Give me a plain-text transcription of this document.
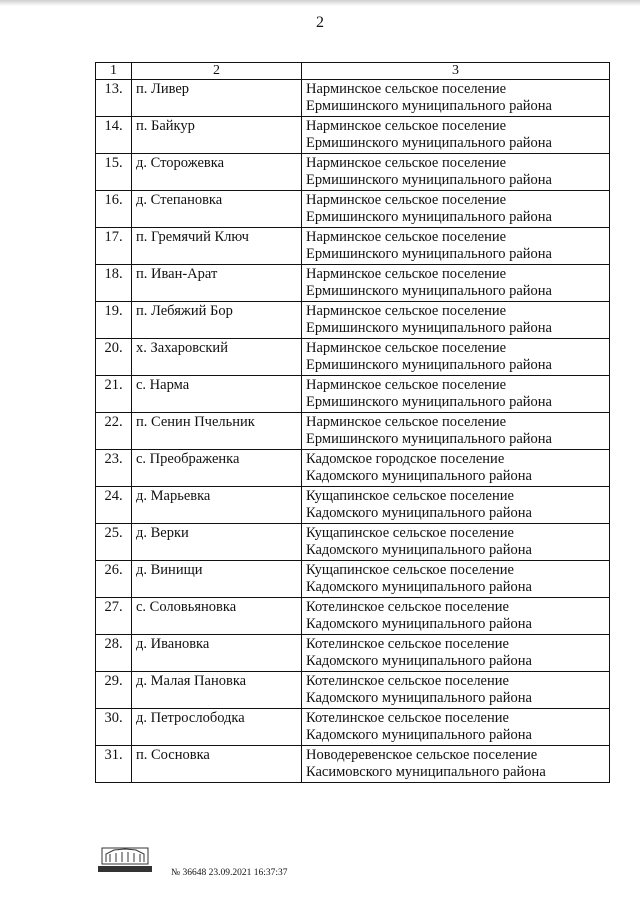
2
1	2	3
13.	п. Ливер	Нарминское сельское поселение
Ермишинского муниципального района

14.	п. Байкур	Нарминское сельское поселение
Ермишинского муниципального района

15.	д. Сторожевка	Нарминское сельское поселение
Ермишинского муниципального района

16.	д. Степановка	Нарминское сельское поселение
Ермишинского муниципального района

17.	п. Гремячий Ключ	Нарминское сельское поселение
Ермишинского муниципального района

18.	п. Иван-Арат	Нарминское сельское поселение
Ермишинского муниципального района

19.	п. Лебяжий Бор	Нарминское сельское поселение
Ермишинского муниципального района

20.	х. Захаровский	Нарминское сельское поселение
Ермишинского муниципального района

21.	с. Нарма	Нарминское сельское поселение
Ермишинского муниципального района

22.	п. Сенин Пчельник	Нарминское сельское поселение
Ермишинского муниципального района

23.	с. Преображенка	Кадомское городское поселение
Кадомского муниципального района

24.	д. Марьевка	Кущапинское сельское поселение
Кадомского муниципального района

25.	д. Верки	Кущапинское сельское поселение
Кадомского муниципального района

26.	д. Винищи	Кущапинское сельское поселение
Кадомского муниципального района

27.	с. Соловьяновка	Котелинское сельское поселение
Кадомского муниципального района

28.	д. Ивановка	Котелинское сельское поселение
Кадомского муниципального района

29.	д. Малая Пановка	Котелинское сельское поселение
Кадомского муниципального района

30.	д. Петрослободка	Котелинское сельское поселение
Кадомского муниципального района

31.	п. Сосновка	Новодеревенское сельское поселение
Касимовского муниципального района
№ 36648 23.09.2021 16:37:37
